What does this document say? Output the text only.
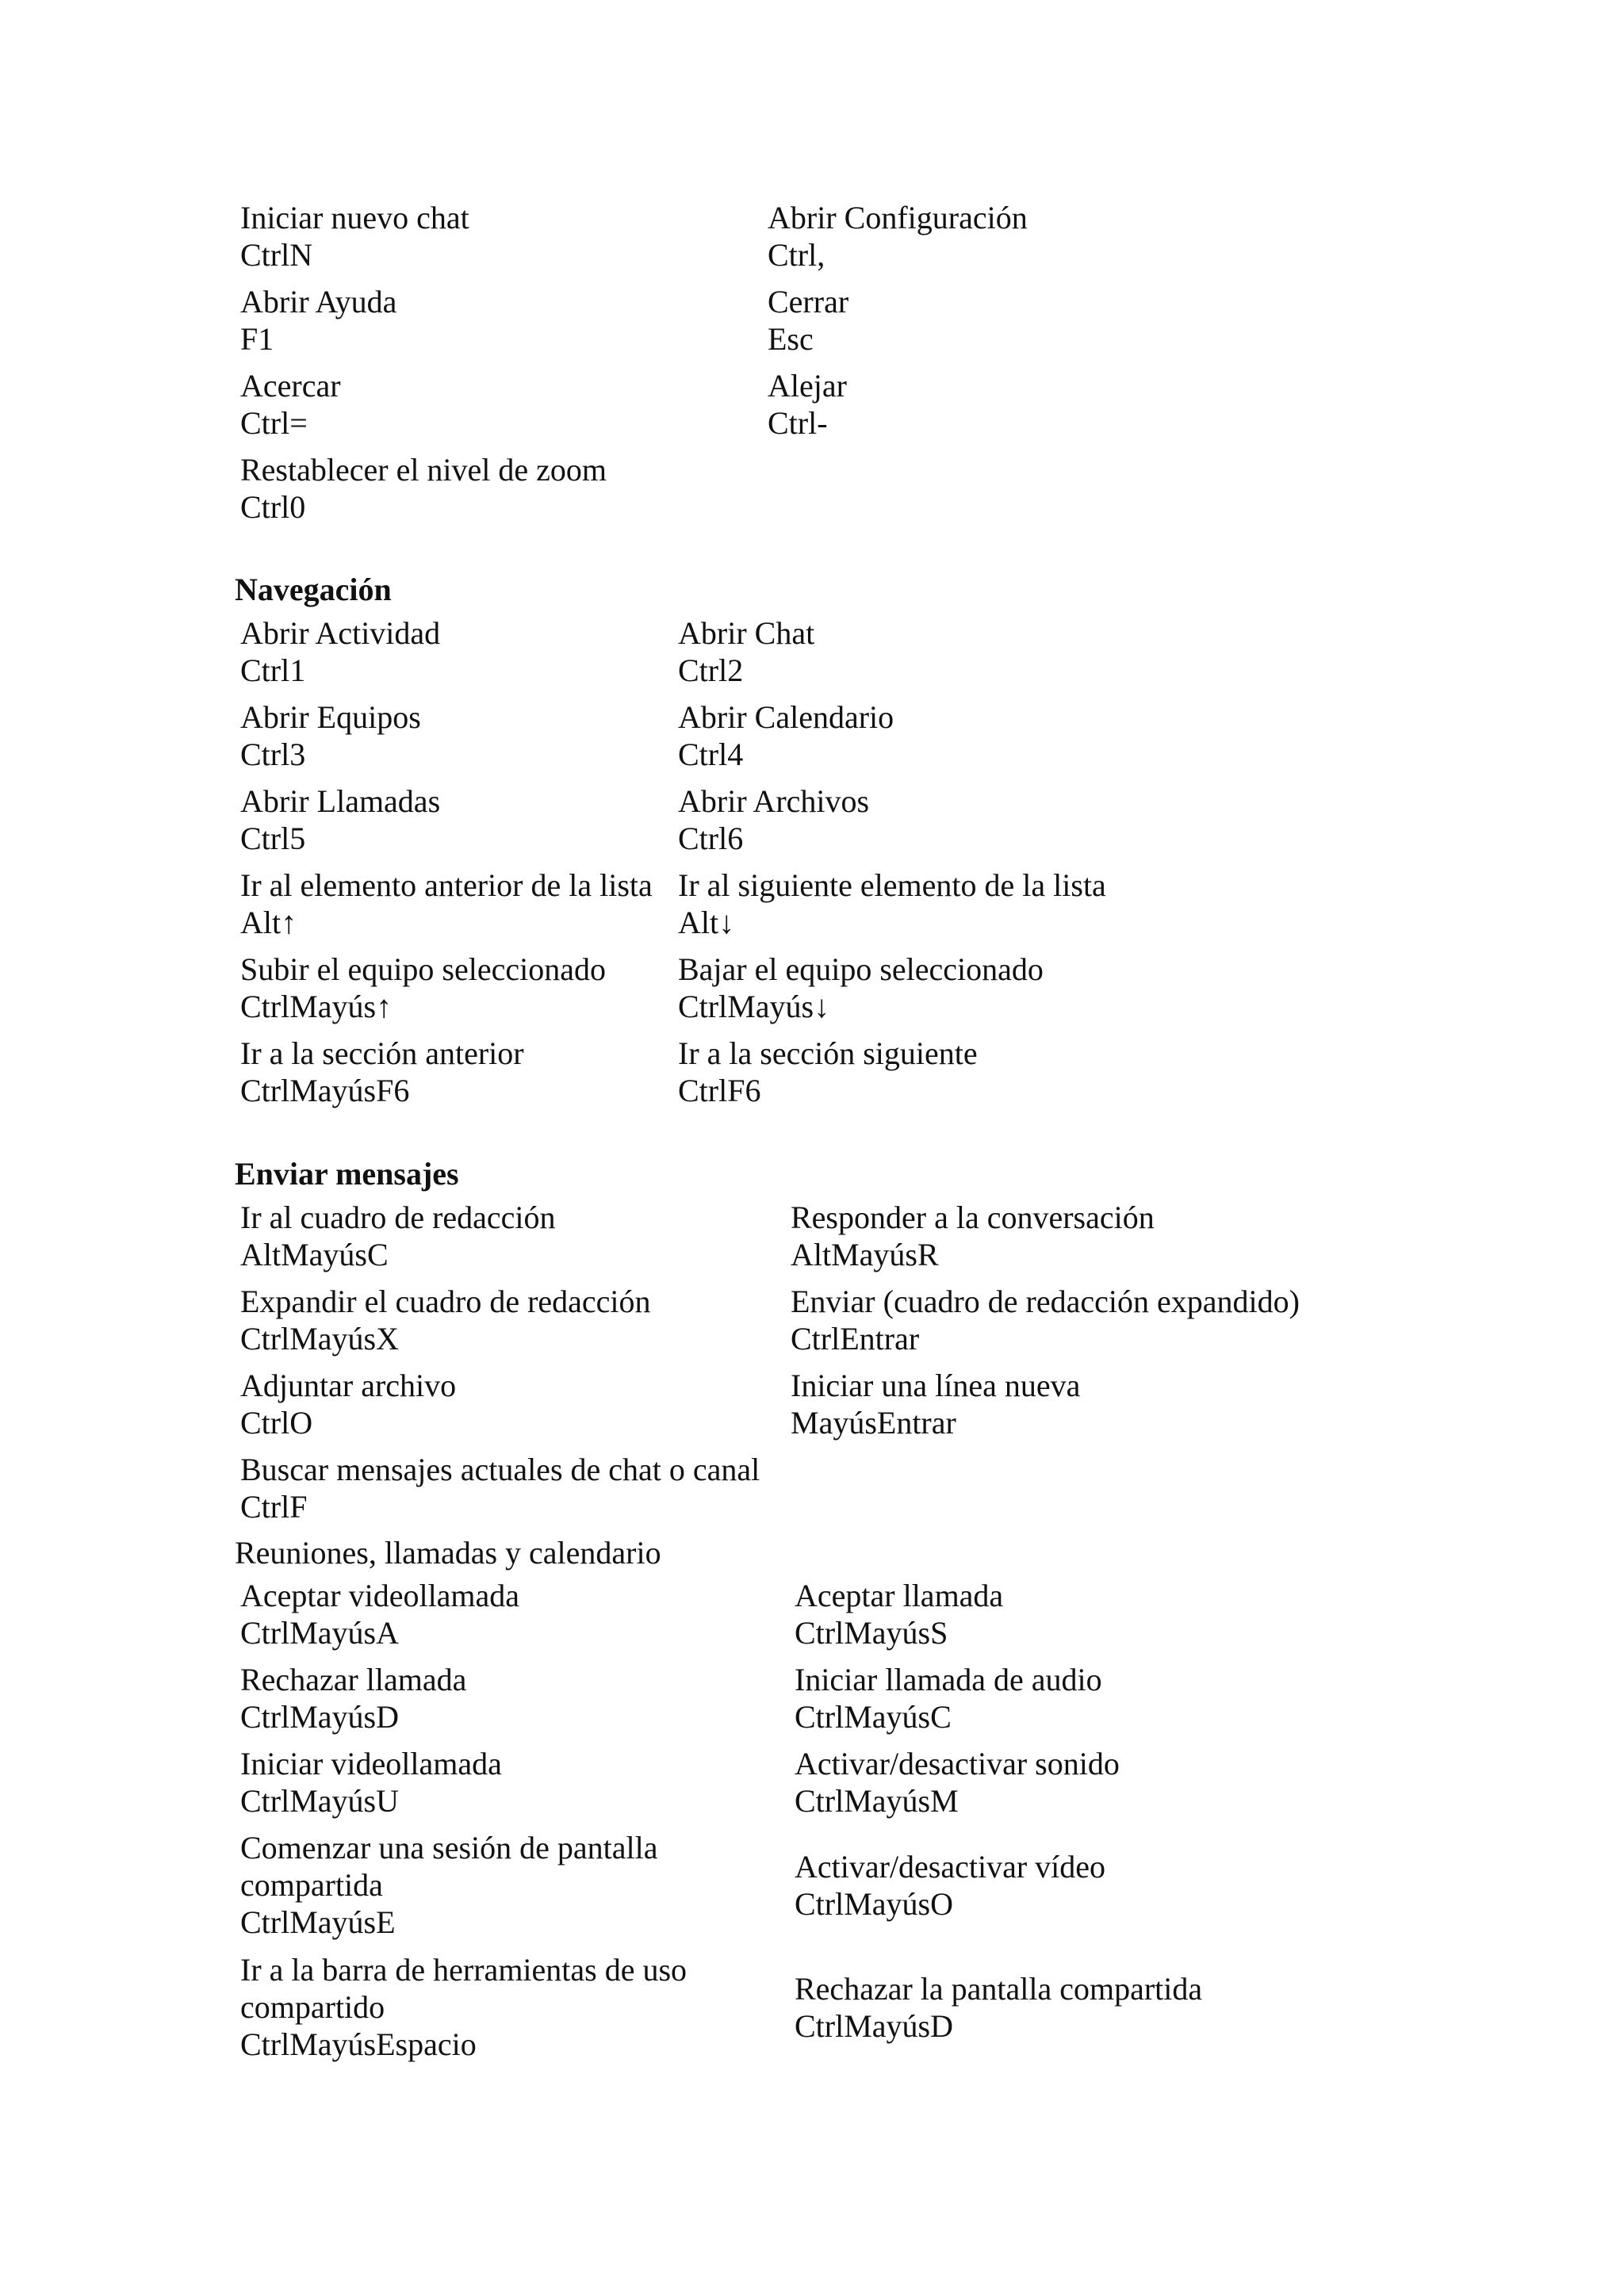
Iniciar nuevo chat
CtrlN
Abrir Configuración
Ctrl,
Abrir Ayuda
F1
Cerrar
Esc
Acercar
Ctrl=
Alejar
Ctrl-
Restablecer el nivel de zoom
Ctrl0
Navegación
Abrir Actividad
Ctrl1
Abrir Chat
Ctrl2
Abrir Equipos
Ctrl3
Abrir Calendario
Ctrl4
Abrir Llamadas
Ctrl5
Abrir Archivos
Ctrl6
Ir al elemento anterior de la lista
Alt↑
Ir al siguiente elemento de la lista
Alt↓
Subir el equipo seleccionado
CtrlMayús↑
Bajar el equipo seleccionado
CtrlMayús↓
Ir a la sección anterior
CtrlMayúsF6
Ir a la sección siguiente
CtrlF6
Enviar mensajes
Ir al cuadro de redacción
AltMayúsC
Responder a la conversación
AltMayúsR
Expandir el cuadro de redacción
CtrlMayúsX
Enviar (cuadro de redacción expandido)
CtrlEntrar
Adjuntar archivo
CtrlO
Iniciar una línea nueva
MayúsEntrar
Buscar mensajes actuales de chat o canal
CtrlF
Reuniones, llamadas y calendario
Aceptar videollamada
CtrlMayúsA
Aceptar llamada
CtrlMayúsS
Rechazar llamada
CtrlMayúsD
Iniciar llamada de audio
CtrlMayúsC
Iniciar videollamada
CtrlMayúsU
Activar/desactivar sonido
CtrlMayúsM
Comenzar una sesión de pantalla
compartida
CtrlMayúsE
Activar/desactivar vídeo
CtrlMayúsO
Ir a la barra de herramientas de uso
compartido
CtrlMayúsEspacio
Rechazar la pantalla compartida
CtrlMayúsD
